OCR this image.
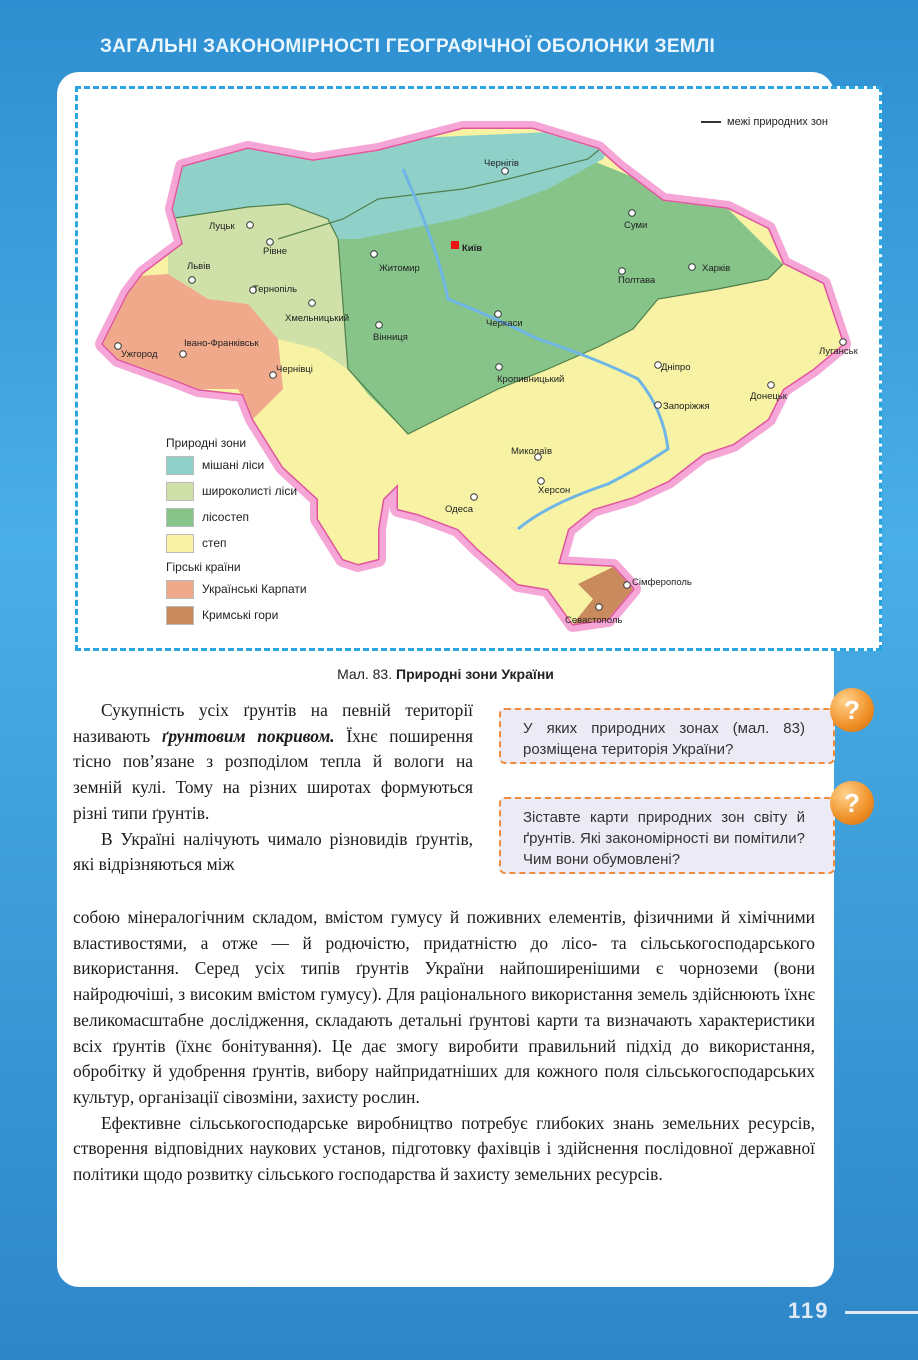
ЗАГАЛЬНІ ЗАКОНОМІРНОСТІ ГЕОГРАФІЧНОЇ ОБОЛОНКИ ЗЕМЛІ
Київ
Чернігів
Луцьк
Рівне
Суми
Львів	Житомир	Харків
Тернопіль
Полтава
Хмельницький
Вінниця
Черкаси
Луганськ
Ужгород
Івано-Франківськ
Чернівці
Кропивницький
Дніпро
Донецьк
Запоріжжя
Миколаїв
Херсон
Одеса
Сімферополь
Севастополь
межі природних зон
Природні зони
мішані ліси
широколисті ліси
лісостеп
степ
Гірські країни
Українські Карпати
Кримські гори
Мал. 83. Природні зони України
У яких природних зонах (мал. 83) розміщена територія України?
?
Зіставте карти природних зон світу й ґрунтів. Які закономірності ви помітили? Чим вони обумовлені?
?

Сукупність усіх ґрунтів на певній території називають ґрунтовим покривом. Їхнє поширення тісно пов’язане з розподілом тепла й вологи на земній кулі. Тому на різних широтах формуються різні типи ґрунтів.

В Україні налічують чимало різновидів ґрунтів, які відрізняються між

собою мінералогічним складом, вмістом гумусу й поживних елементів, фізичними й хімічними властивостями, а отже — й родючістю, придатністю до лісо- та сільськогосподарського використання. Серед усіх типів ґрунтів України найпоширенішими є чорноземи (вони найродючіші, з високим вмістом гумусу). Для раціонального використання земель здійснюють їхнє великомасштабне дослідження, складають детальні ґрунтові карти та визначають характеристики всіх ґрунтів (їхнє бонітування). Це дає змогу виробити правильний підхід до використання, обробітку й удобрення ґрунтів, вибору найпридатніших для кожного поля сільськогосподарських культур, організації сівозміни, захисту рослин.

Ефективне сільськогосподарське виробництво потребує глибоких знань земельних ресурсів, створення відповідних наукових установ, підготовку фахівців і здійснення послідовної державної політики щодо розвитку сільського господарства й захисту земельних ресурсів.

119
